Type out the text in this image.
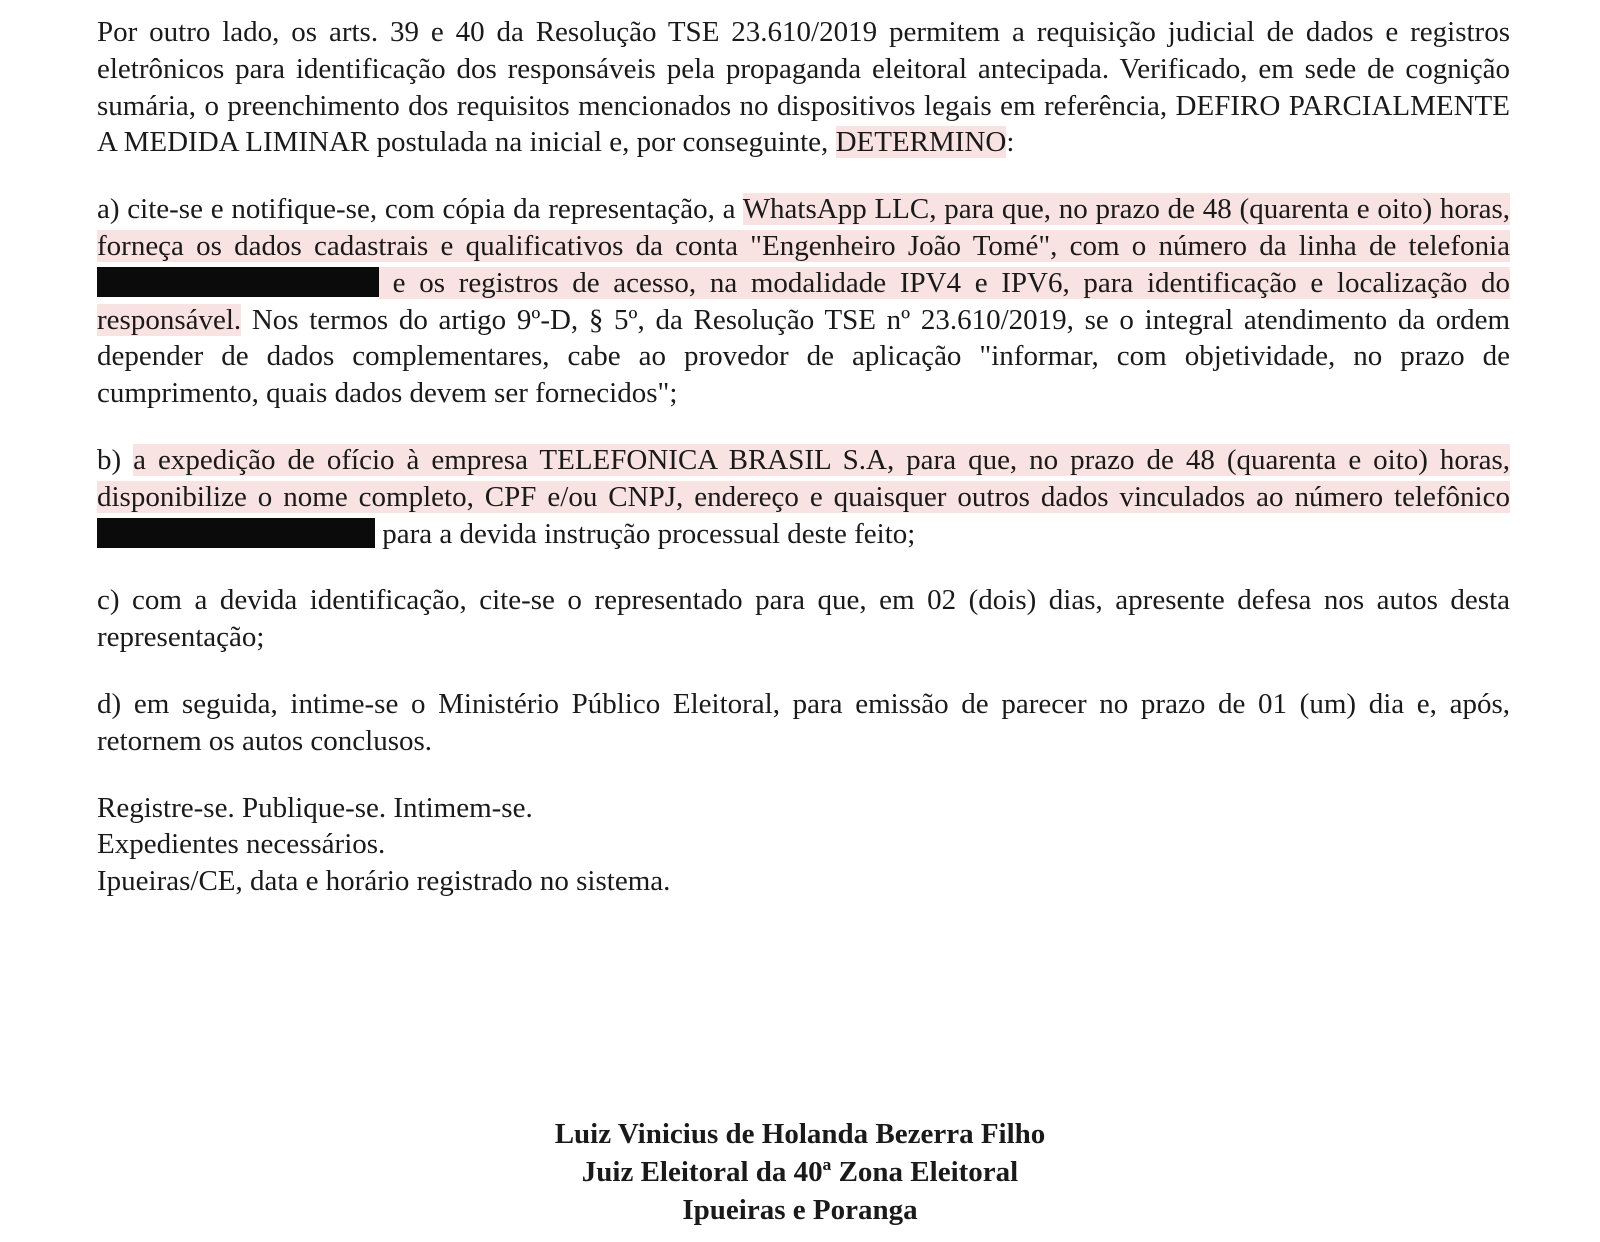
Por outro lado, os arts. 39 e 40 da Resolução TSE 23.610/2019 permitem a requisição judicial de dados e registros eletrônicos para identificação dos responsáveis pela propaganda eleitoral antecipada. Verificado, em sede de cognição sumária, o preenchimento dos requisitos mencionados no dispositivos legais em referência, DEFIRO PARCIALMENTE A MEDIDA LIMINAR postulada na inicial e, por conseguinte, DETERMINO:

a) cite-se e notifique-se, com cópia da representação, a WhatsApp LLC, para que, no prazo de 48 (quarenta e oito) horas, forneça os dados cadastrais e qualificativos da conta "Engenheiro João Tomé", com o número da linha de telefonia  e os registros de acesso, na modalidade IPV4 e IPV6, para identificação e localização do responsável. Nos termos do artigo 9º-D, § 5º, da Resolução TSE nº 23.610/2019, se o integral atendimento da ordem depender de dados complementares, cabe ao provedor de aplicação "informar, com objetividade, no prazo de cumprimento, quais dados devem ser fornecidos";

b) a expedição de ofício à empresa TELEFONICA BRASIL S.A, para que, no prazo de 48 (quarenta e oito) horas, disponibilize o nome completo, CPF e/ou CNPJ, endereço e quaisquer outros dados vinculados ao número telefônico  para a devida instrução processual deste feito;

c) com a devida identificação, cite-se o representado para que, em 02 (dois) dias, apresente defesa nos autos desta representação;

d) em seguida, intime-se o Ministério Público Eleitoral, para emissão de parecer no prazo de 01 (um) dia e, após, retornem os autos conclusos.

Registre-se. Publique-se. Intimem-se.

Expedientes necessários.

Ipueiras/CE, data e horário registrado no sistema.

Luiz Vinicius de Holanda Bezerra Filho

Juiz Eleitoral da 40ª Zona Eleitoral

Ipueiras e Poranga
